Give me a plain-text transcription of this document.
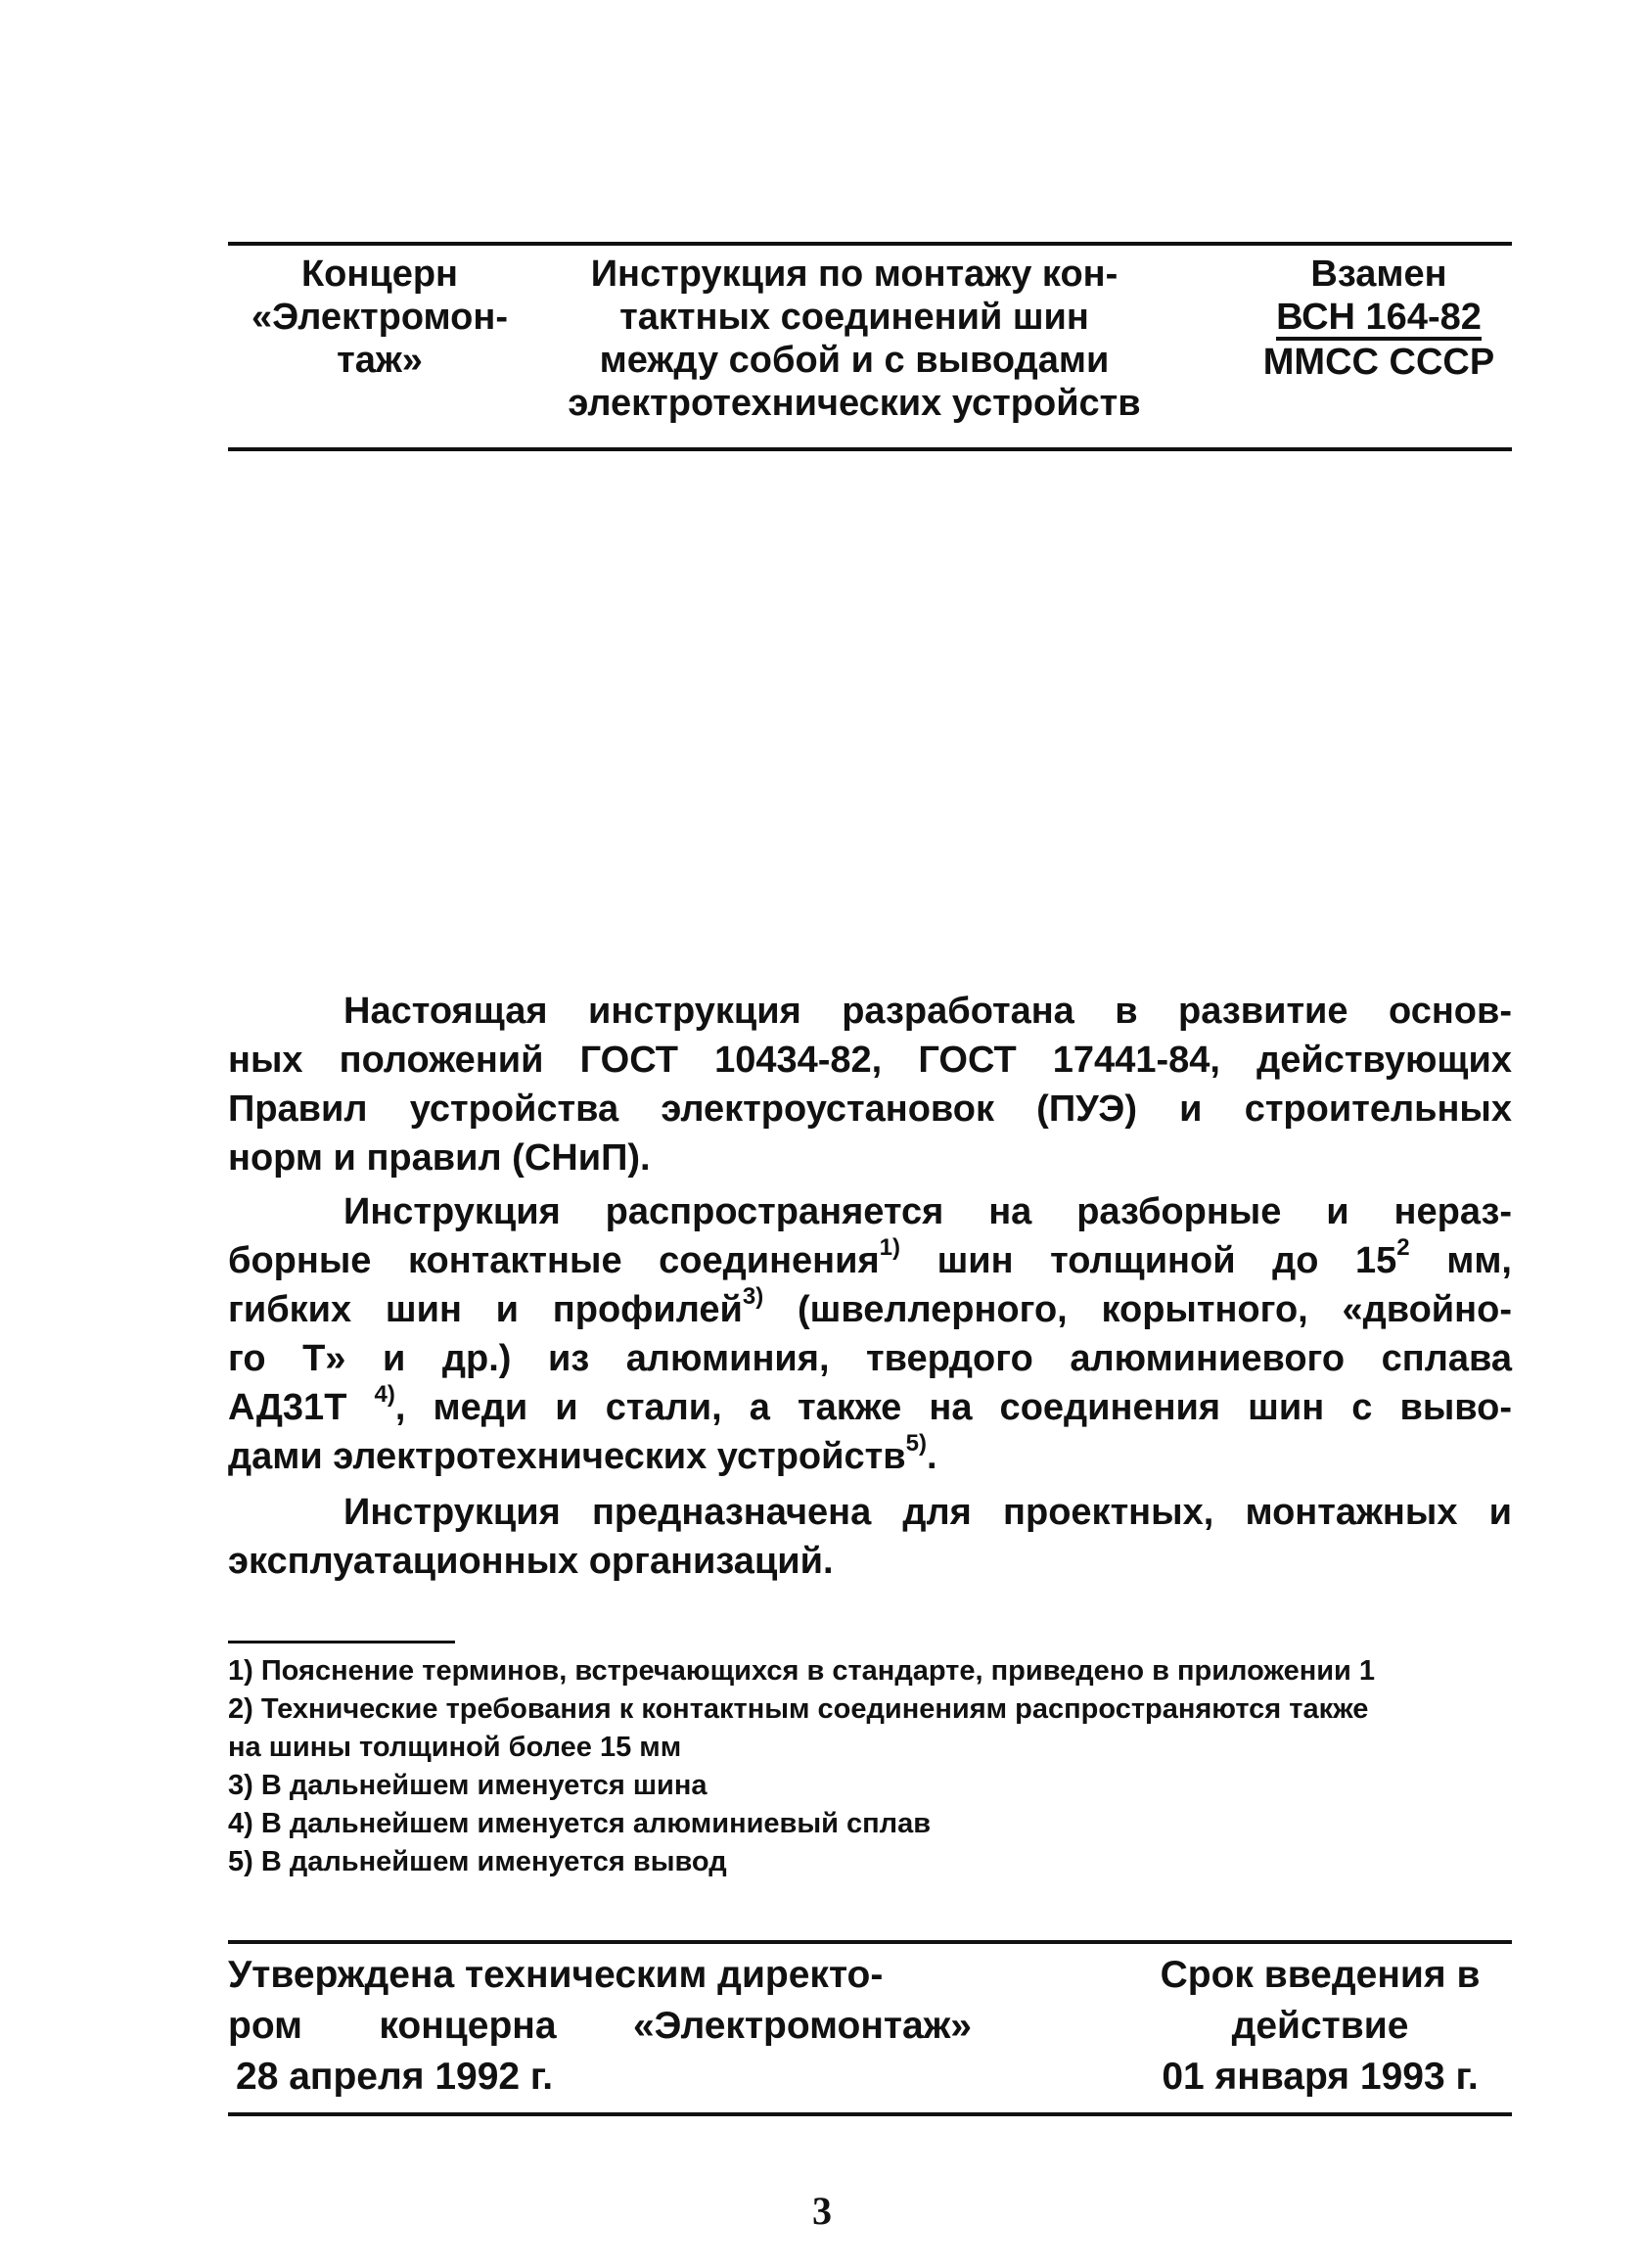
Концерн
«Электромон-
таж»
Инструкция по монтажу кон-
тактных соединений шин
между собой и с выводами
электротехнических устройств
Взамен
ВСН 164-82
ММСС СССР
Настоящая инструкция разработана в развитие основ-
ных положений ГОСТ 10434-82, ГОСТ 17441-84, действующих
Правил устройства электроустановок (ПУЭ) и строительных
норм и правил (СНиП).
Инструкция распространяется на разборные и нераз-
борные контактные соединения$^{1)}$ шин толщиной до $15^2$ мм,
гибких шин и профилей$^{3)}$ (швеллерного, корытного, «двойно-
го Т» и др.) из алюминия, твердого алюминиевого сплава
АД31Т $^{4)}$, меди и стали, а также на соединения шин с выво-
дами электротехнических устройств$^{5)}$.
Инструкция предназначена для проектных, монтажных и
эксплуатационных организаций.
1) Пояснение терминов, встречающихся в стандарте, приведено в приложении 1
2) Технические требования к контактным соединениям распространяются также
на шины толщиной более 15 мм
3) В дальнейшем именуется шина
4) В дальнейшем именуется алюминиевый сплав
5) В дальнейшем именуется вывод
Утверждена техническим директо-
ром концерна «Электромонтаж»
28 апреля 1992 г.
Срок введения в
действие
01 января 1993 г.
3
